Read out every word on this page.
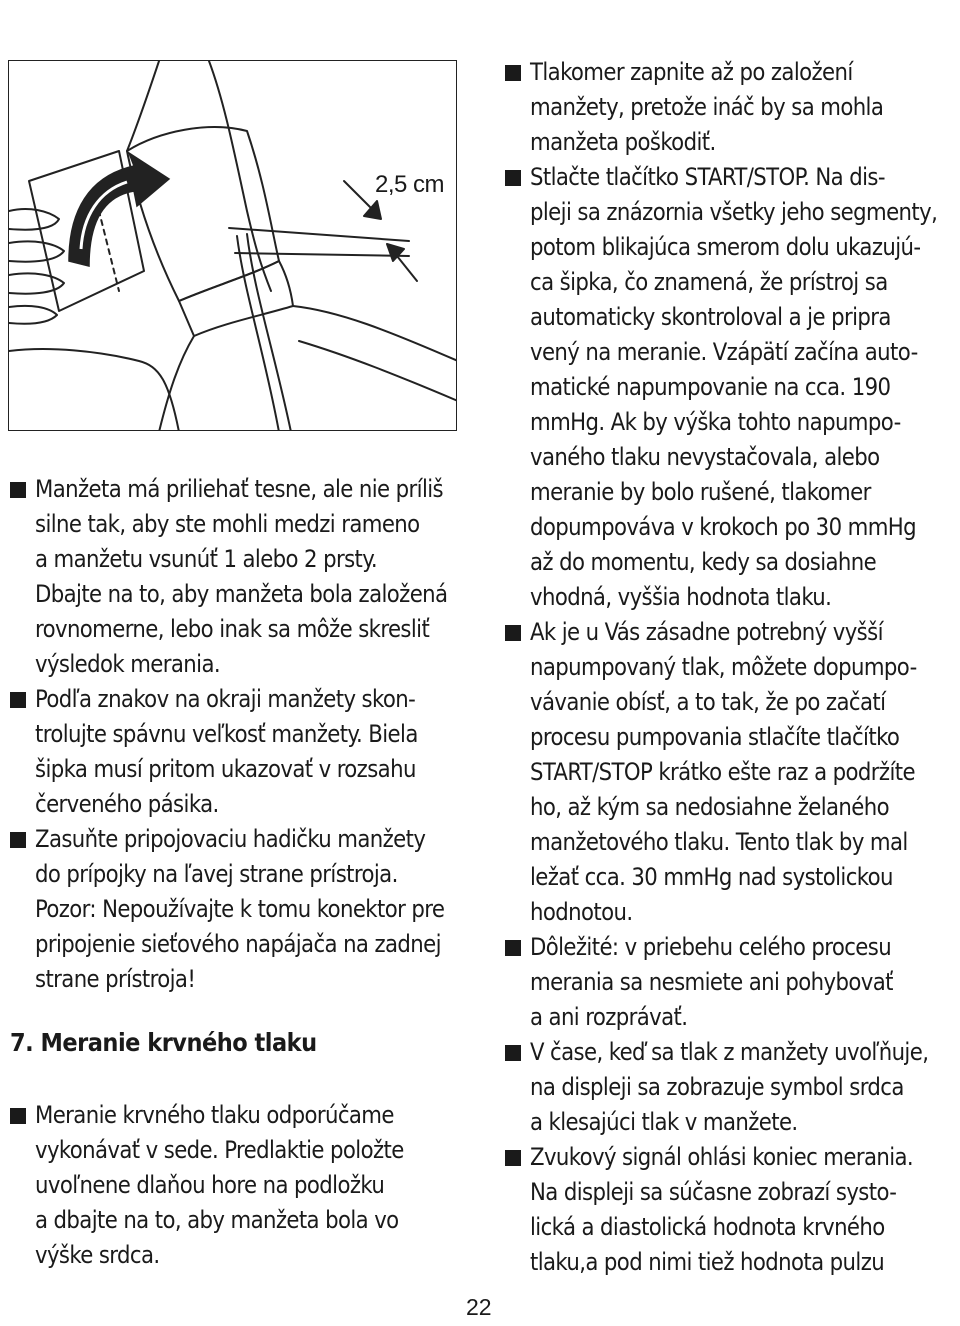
2,5 cm

Manžeta má priliehať tesne, ale nie príliš
silne tak, aby ste mohli medzi rameno
a manžetu vsunúť 1 alebo 2 prsty.
Dbajte na to, aby manžeta bola založená
rovnomerne, lebo inak sa môže skresliť
výsledok merania.

Podľa znakov na okraji manžety skon-
trolujte spávnu veľkosť manžety. Biela
šipka musí pritom ukazovať v rozsahu
červeného pásika.

Zasuňte pripojovaciu hadičku manžety
do prípojky na ľavej strane prístroja.
Pozor: Nepoužívajte k tomu konektor pre
pripojenie sieťového napájača na zadnej
strane prístroja!

7. Meranie krvného tlaku

Meranie krvného tlaku odporúčame
vykonávať v sede. Predlaktie položte
uvoľnene dlaňou hore na podložku
a dbajte na to, aby manžeta bola vo
výške srdca.

Tlakomer zapnite až po založení
manžety, pretože ináč by sa mohla
manžeta poškodiť.

Stlačte tlačítko START/STOP. Na dis-
pleji sa znázornia všetky jeho segmenty,
potom blikajúca smerom dolu ukazujú-
ca šipka, čo znamená, že prístroj sa
automaticky skontroloval a je pripra
vený na meranie. Vzápätí začína auto-
matické napumpovanie na cca. 190
mmHg. Ak by výška tohto napumpo-
vaného tlaku nevystačovala, alebo
meranie by bolo rušené, tlakomer
dopumpováva v krokoch po 30 mmHg
až do momentu, kedy sa dosiahne
vhodná, vyššia hodnota tlaku.

Ak je u Vás zásadne potrebný vyšší
napumpovaný tlak, môžete dopumpo-
vávanie obísť, a to tak, že po začatí
procesu pumpovania stlačíte tlačítko
START/STOP krátko ešte raz a podržíte
ho, až kým sa nedosiahne želaného
manžetového tlaku. Tento tlak by mal
ležať cca. 30 mmHg nad systolickou
hodnotou.

Dôležité: v priebehu celého procesu
merania sa nesmiete ani pohybovať
a ani rozprávať.

V čase, keď sa tlak z manžety uvoľňuje,
na displeji sa zobrazuje symbol srdca
a klesajúci tlak v manžete.

Zvukový signál ohlási koniec merania.
Na displeji sa súčasne zobrazí systo-
lická a diastolická hodnota krvného
tlaku,a pod nimi tiež hodnota pulzu

22
